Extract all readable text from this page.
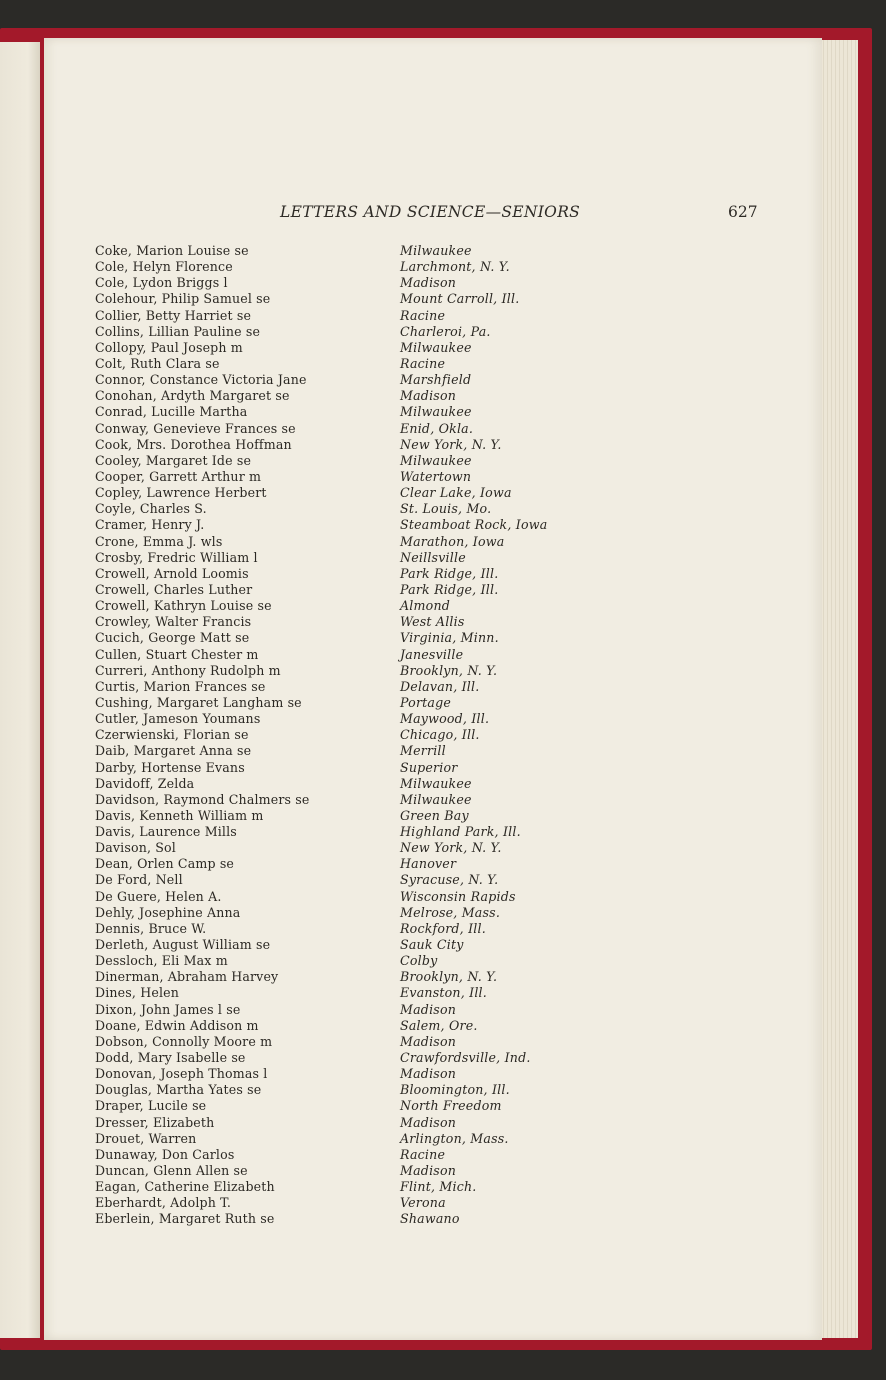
LETTERS AND SCIENCE—SENIORS	627
Coke, Marion Louise se	Milwaukee
Cole, Helyn Florence	Larchmont, N. Y.
Cole, Lydon Briggs l	Madison
Colehour, Philip Samuel se	Mount Carroll, Ill.
Collier, Betty Harriet se	Racine
Collins, Lillian Pauline se	Charleroi, Pa.
Collopy, Paul Joseph m	Milwaukee
Colt, Ruth Clara se	Racine
Connor, Constance Victoria Jane	Marshfield
Conohan, Ardyth Margaret se	Madison
Conrad, Lucille Martha	Milwaukee
Conway, Genevieve Frances se	Enid, Okla.
Cook, Mrs. Dorothea Hoffman	New York, N. Y.
Cooley, Margaret Ide se	Milwaukee
Cooper, Garrett Arthur m	Watertown
Copley, Lawrence Herbert	Clear Lake, Iowa
Coyle, Charles S.	St. Louis, Mo.
Cramer, Henry J.	Steamboat Rock, Iowa
Crone, Emma J. wls	Marathon, Iowa
Crosby, Fredric William l	Neillsville
Crowell, Arnold Loomis	Park Ridge, Ill.
Crowell, Charles Luther	Park Ridge, Ill.
Crowell, Kathryn Louise se	Almond
Crowley, Walter Francis	West Allis
Cucich, George Matt se	Virginia, Minn.
Cullen, Stuart Chester m	Janesville
Curreri, Anthony Rudolph m	Brooklyn, N. Y.
Curtis, Marion Frances se	Delavan, Ill.
Cushing, Margaret Langham se	Portage
Cutler, Jameson Youmans	Maywood, Ill.
Czerwienski, Florian se	Chicago, Ill.
Daib, Margaret Anna se	Merrill
Darby, Hortense Evans	Superior
Davidoff, Zelda	Milwaukee
Davidson, Raymond Chalmers se	Milwaukee
Davis, Kenneth William m	Green Bay
Davis, Laurence Mills	Highland Park, Ill.
Davison, Sol	New York, N. Y.
Dean, Orlen Camp se	Hanover
De Ford, Nell	Syracuse, N. Y.
De Guere, Helen A.	Wisconsin Rapids
Dehly, Josephine Anna	Melrose, Mass.
Dennis, Bruce W.	Rockford, Ill.
Derleth, August William se	Sauk City
Dessloch, Eli Max m	Colby
Dinerman, Abraham Harvey	Brooklyn, N. Y.
Dines, Helen	Evanston, Ill.
Dixon, John James l se	Madison
Doane, Edwin Addison m	Salem, Ore.
Dobson, Connolly Moore m	Madison
Dodd, Mary Isabelle se	Crawfordsville, Ind.
Donovan, Joseph Thomas l	Madison
Douglas, Martha Yates se	Bloomington, Ill.
Draper, Lucile se	North Freedom
Dresser, Elizabeth	Madison
Drouet, Warren	Arlington, Mass.
Dunaway, Don Carlos	Racine
Duncan, Glenn Allen se	Madison
Eagan, Catherine Elizabeth	Flint, Mich.
Eberhardt, Adolph T.	Verona
Eberlein, Margaret Ruth se	Shawano
